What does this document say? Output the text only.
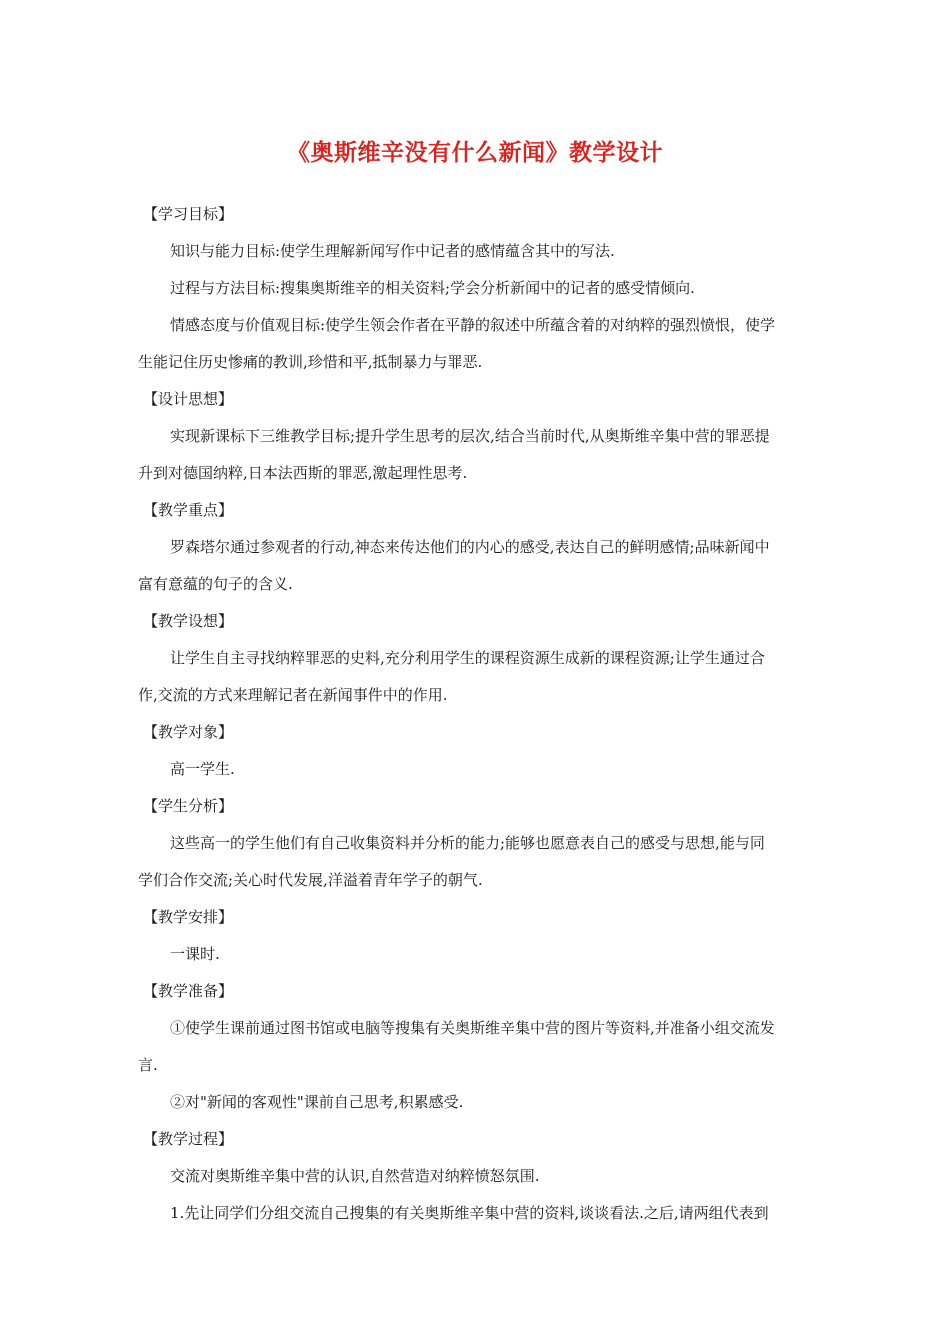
《奥斯维辛没有什么新闻》教学设计
【学习目标】
知识与能力目标:使学生理解新闻写作中记者的感情蕴含其中的写法.
过程与方法目标:搜集奥斯维辛的相关资料;学会分析新闻中的记者的感受情倾向.
情感态度与价值观目标:使学生领会作者在平静的叙述中所蕴含着的对纳粹的强烈愤恨，使学
生能记住历史惨痛的教训,珍惜和平,抵制暴力与罪恶.
【设计思想】
实现新课标下三维教学目标;提升学生思考的层次,结合当前时代,从奥斯维辛集中营的罪恶提
升到对德国纳粹,日本法西斯的罪恶,激起理性思考.
【教学重点】
罗森塔尔通过参观者的行动,神态来传达他们的内心的感受,表达自己的鲜明感情;品味新闻中
富有意蕴的句子的含义.
【教学设想】
让学生自主寻找纳粹罪恶的史料,充分利用学生的课程资源生成新的课程资源;让学生通过合
作,交流的方式来理解记者在新闻事件中的作用.
【教学对象】
高一学生.
【学生分析】
这些高一的学生他们有自己收集资料并分析的能力;能够也愿意表自己的感受与思想,能与同
学们合作交流;关心时代发展,洋溢着青年学子的朝气.
【教学安排】
一课时.
【教学准备】
①使学生课前通过图书馆或电脑等搜集有关奥斯维辛集中营的图片等资料,并准备小组交流发
言.
②对"新闻的客观性"课前自己思考,积累感受.
【教学过程】
交流对奥斯维辛集中营的认识,自然营造对纳粹愤怒氛围.
1.先让同学们分组交流自己搜集的有关奥斯维辛集中营的资料,谈谈看法.之后,请两组代表到
